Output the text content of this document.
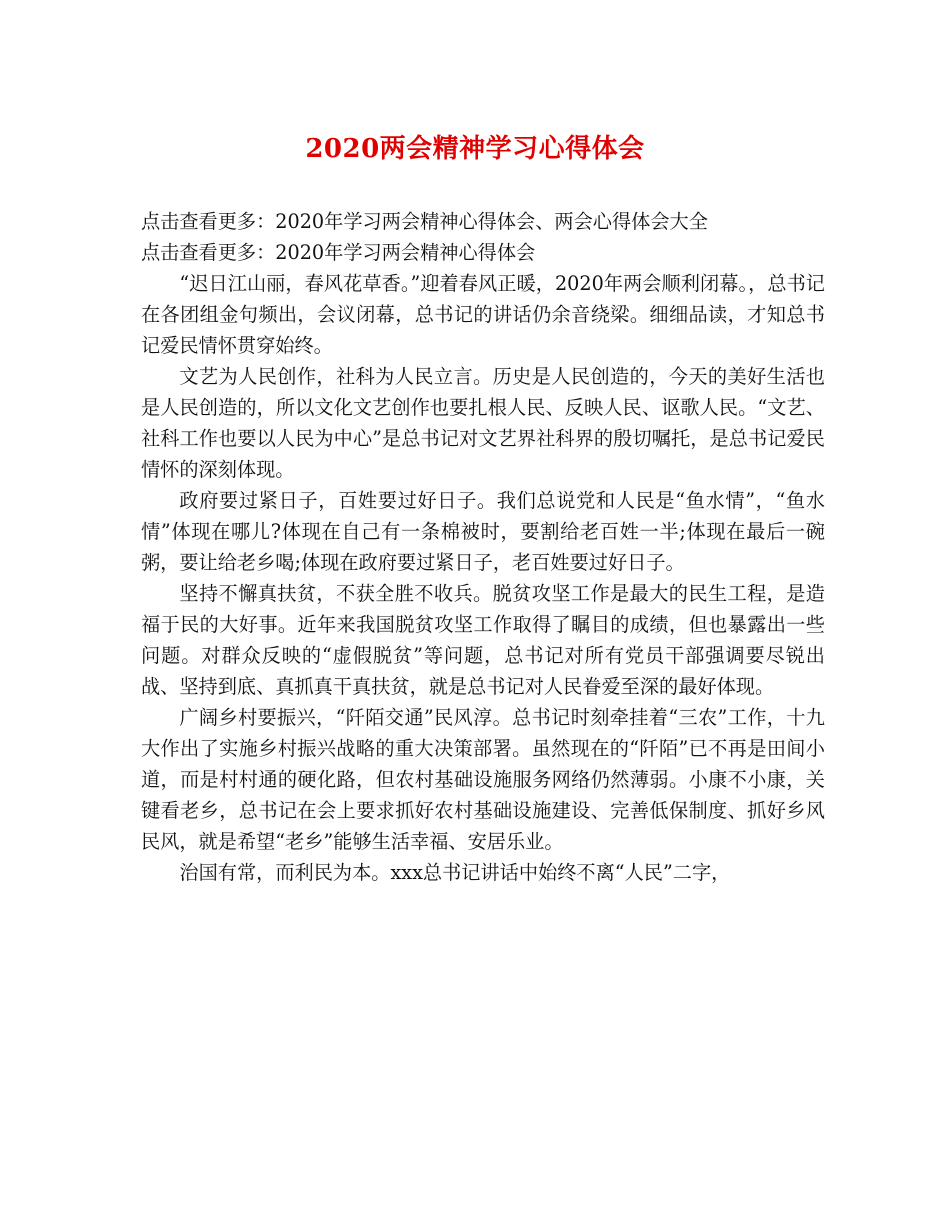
2020两会精神学习心得体会

点击查看更多：2020年学习两会精神心得体会、两会心得体会大全

点击查看更多：2020年学习两会精神心得体会

“迟日江山丽，春风花草香。”迎着春风正暖，2020年两会顺利闭幕。，总书记在各团组金句频出，会议闭幕，总书记的讲话仍余音绕梁。细细品读，才知总书记爱民情怀贯穿始终。

文艺为人民创作，社科为人民立言。历史是人民创造的，今天的美好生活也是人民创造的，所以文化文艺创作也要扎根人民、反映人民、讴歌人民。“文艺、社科工作也要以人民为中心”是总书记对文艺界社科界的殷切嘱托，是总书记爱民情怀的深刻体现。

政府要过紧日子，百姓要过好日子。我们总说党和人民是“鱼水情”，“鱼水情”体现在哪儿?体现在自己有一条棉被时，要割给老百姓一半;体现在最后一碗粥，要让给老乡喝;体现在政府要过紧日子，老百姓要过好日子。

坚持不懈真扶贫，不获全胜不收兵。脱贫攻坚工作是最大的民生工程，是造福于民的大好事。近年来我国脱贫攻坚工作取得了瞩目的成绩，但也暴露出一些问题。对群众反映的“虚假脱贫”等问题，总书记对所有党员干部强调要尽锐出战、坚持到底、真抓真干真扶贫，就是总书记对人民眷爱至深的最好体现。

广阔乡村要振兴，“阡陌交通”民风淳。总书记时刻牵挂着“三农”工作，十九大作出了实施乡村振兴战略的重大决策部署。虽然现在的“阡陌”已不再是田间小道，而是村村通的硬化路，但农村基础设施服务网络仍然薄弱。小康不小康，关键看老乡，总书记在会上要求抓好农村基础设施建设、完善低保制度、抓好乡风民风，就是希望“老乡”能够生活幸福、安居乐业。

治国有常，而利民为本。xxx总书记讲话中始终不离“人民”二字，
